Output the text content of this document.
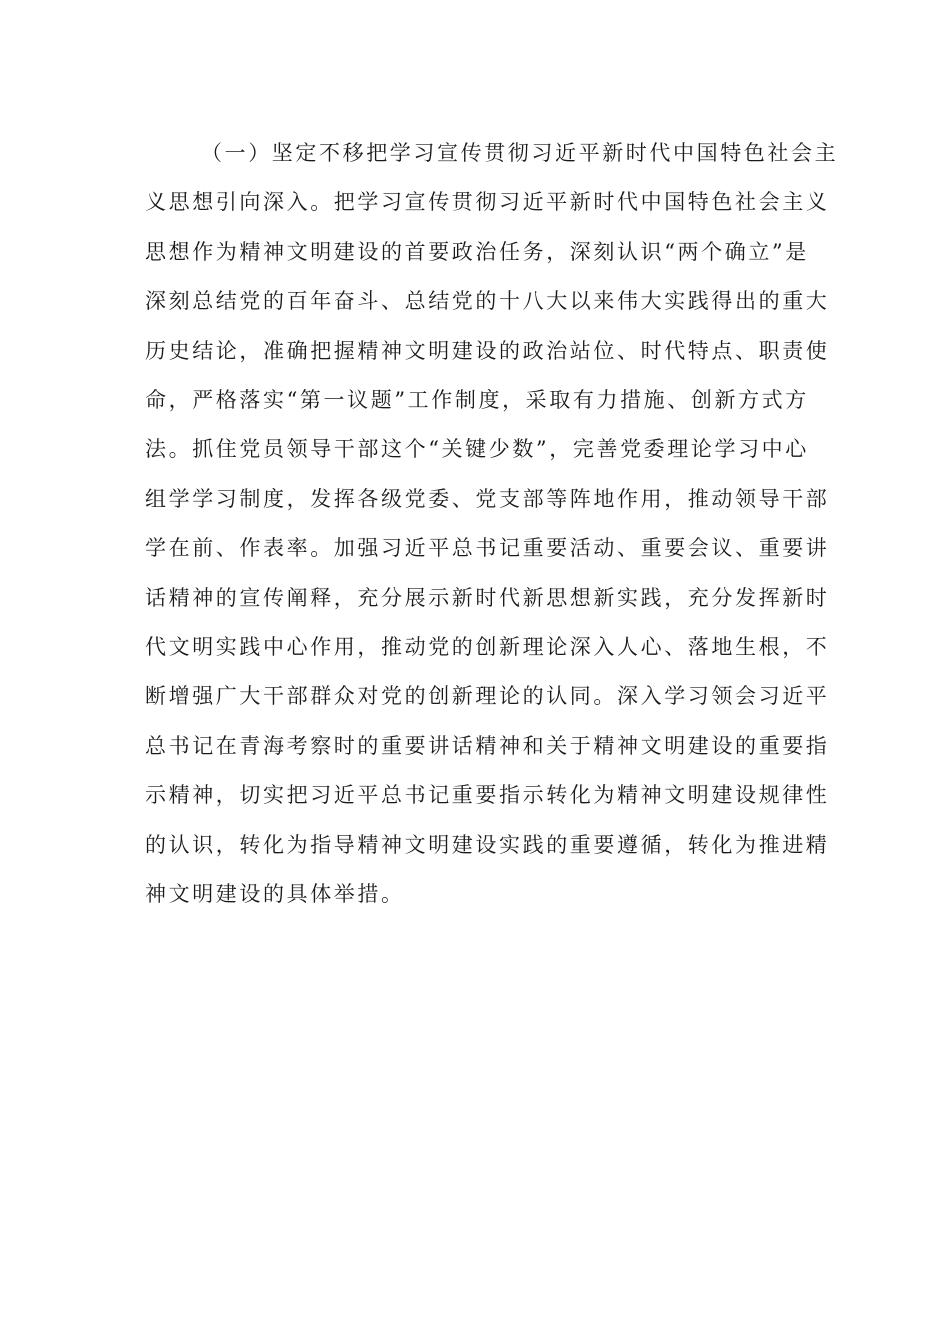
（一）坚定不移把学习宣传贯彻习近平新时代中国特色社会主
义思想引向深入。把学习宣传贯彻习近平新时代中国特色社会主义
思想作为精神文明建设的首要政治任务，深刻认识“两个确立”是
深刻总结党的百年奋斗、总结党的十八大以来伟大实践得出的重大
历史结论，准确把握精神文明建设的政治站位、时代特点、职责使
命，严格落实“第一议题”工作制度，采取有力措施、创新方式方
法。抓住党员领导干部这个“关键少数”，完善党委理论学习中心
组学学习制度，发挥各级党委、党支部等阵地作用，推动领导干部
学在前、作表率。加强习近平总书记重要活动、重要会议、重要讲
话精神的宣传阐释，充分展示新时代新思想新实践，充分发挥新时
代文明实践中心作用，推动党的创新理论深入人心、落地生根，不
断增强广大干部群众对党的创新理论的认同。深入学习领会习近平
总书记在青海考察时的重要讲话精神和关于精神文明建设的重要指
示精神，切实把习近平总书记重要指示转化为精神文明建设规律性
的认识，转化为指导精神文明建设实践的重要遵循，转化为推进精
神文明建设的具体举措。
